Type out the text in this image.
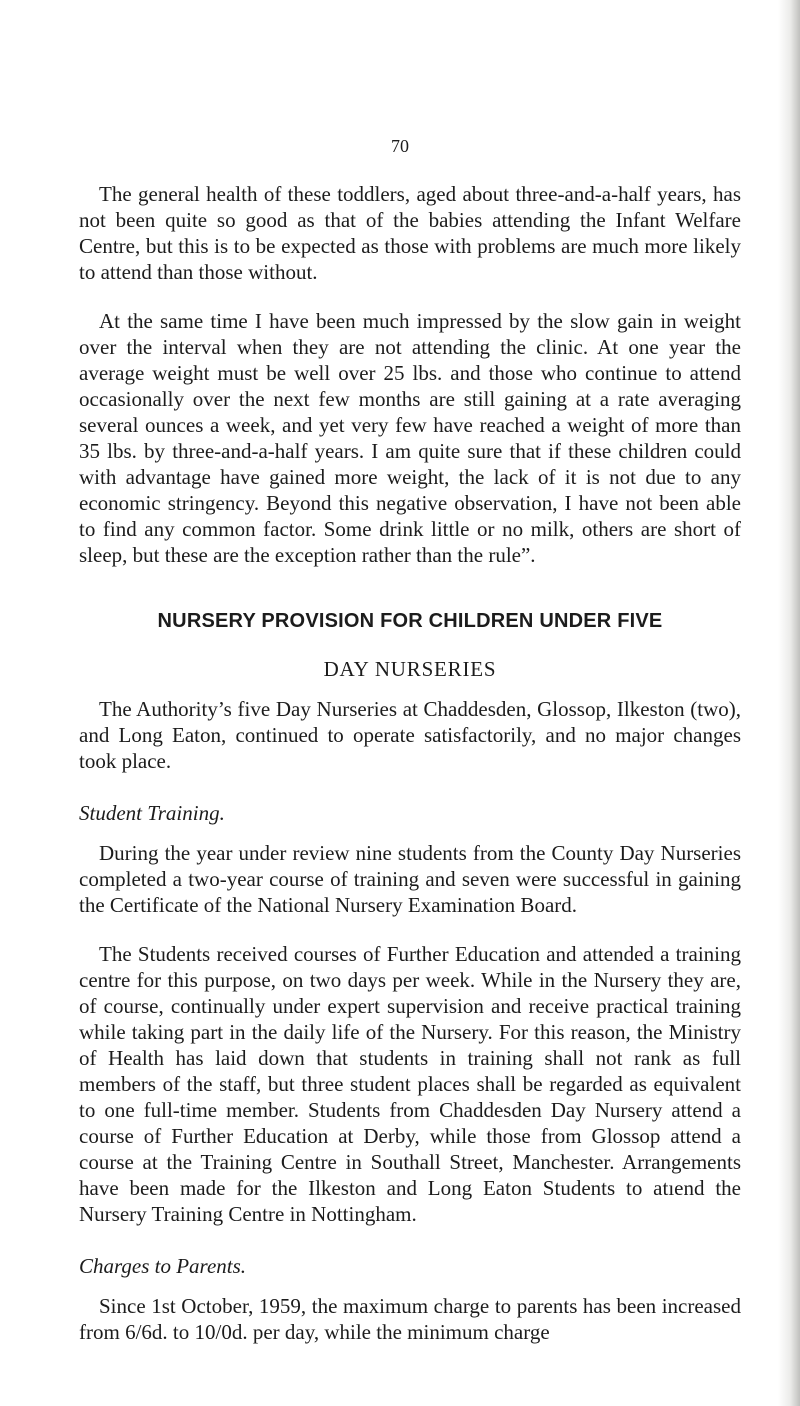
70

The general health of these toddlers, aged about three-and-a-half years, has not been quite so good as that of the babies attending the Infant Welfare Centre, but this is to be expected as those with problems are much more likely to attend than those without.

At the same time I have been much impressed by the slow gain in weight over the interval when they are not attending the clinic. At one year the average weight must be well over 25 lbs. and those who continue to attend occasionally over the next few months are still gaining at a rate averaging several ounces a week, and yet very few have reached a weight of more than 35 lbs. by three-and-a-half years. I am quite sure that if these children could with advantage have gained more weight, the lack of it is not due to any economic stringency. Beyond this negative observation, I have not been able to find any common factor. Some drink little or no milk, others are short of sleep, but these are the exception rather than the rule”.

NURSERY PROVISION FOR CHILDREN UNDER FIVE

DAY NURSERIES

The Authority’s five Day Nurseries at Chaddesden, Glossop, Ilkeston (two), and Long Eaton, continued to operate satisfactorily, and no major changes took place.

Student Training.

During the year under review nine students from the County Day Nurseries completed a two-year course of training and seven were successful in gaining the Certificate of the National Nursery Examination Board.

The Students received courses of Further Education and attended a training centre for this purpose, on two days per week. While in the Nursery they are, of course, continually under expert supervision and receive practical training while taking part in the daily life of the Nursery. For this reason, the Ministry of Health has laid down that students in training shall not rank as full members of the staff, but three student places shall be regarded as equivalent to one full-time member. Students from Chaddesden Day Nursery attend a course of Further Education at Derby, while those from Glossop attend a course at the Training Centre in Southall Street, Manchester. Arrangements have been made for the Ilkeston and Long Eaton Students to atıend the Nursery Training Centre in Nottingham.

Charges to Parents.

Since 1st October, 1959, the maximum charge to parents has been increased from 6/6d. to 10/0d. per day, while the minimum charge
